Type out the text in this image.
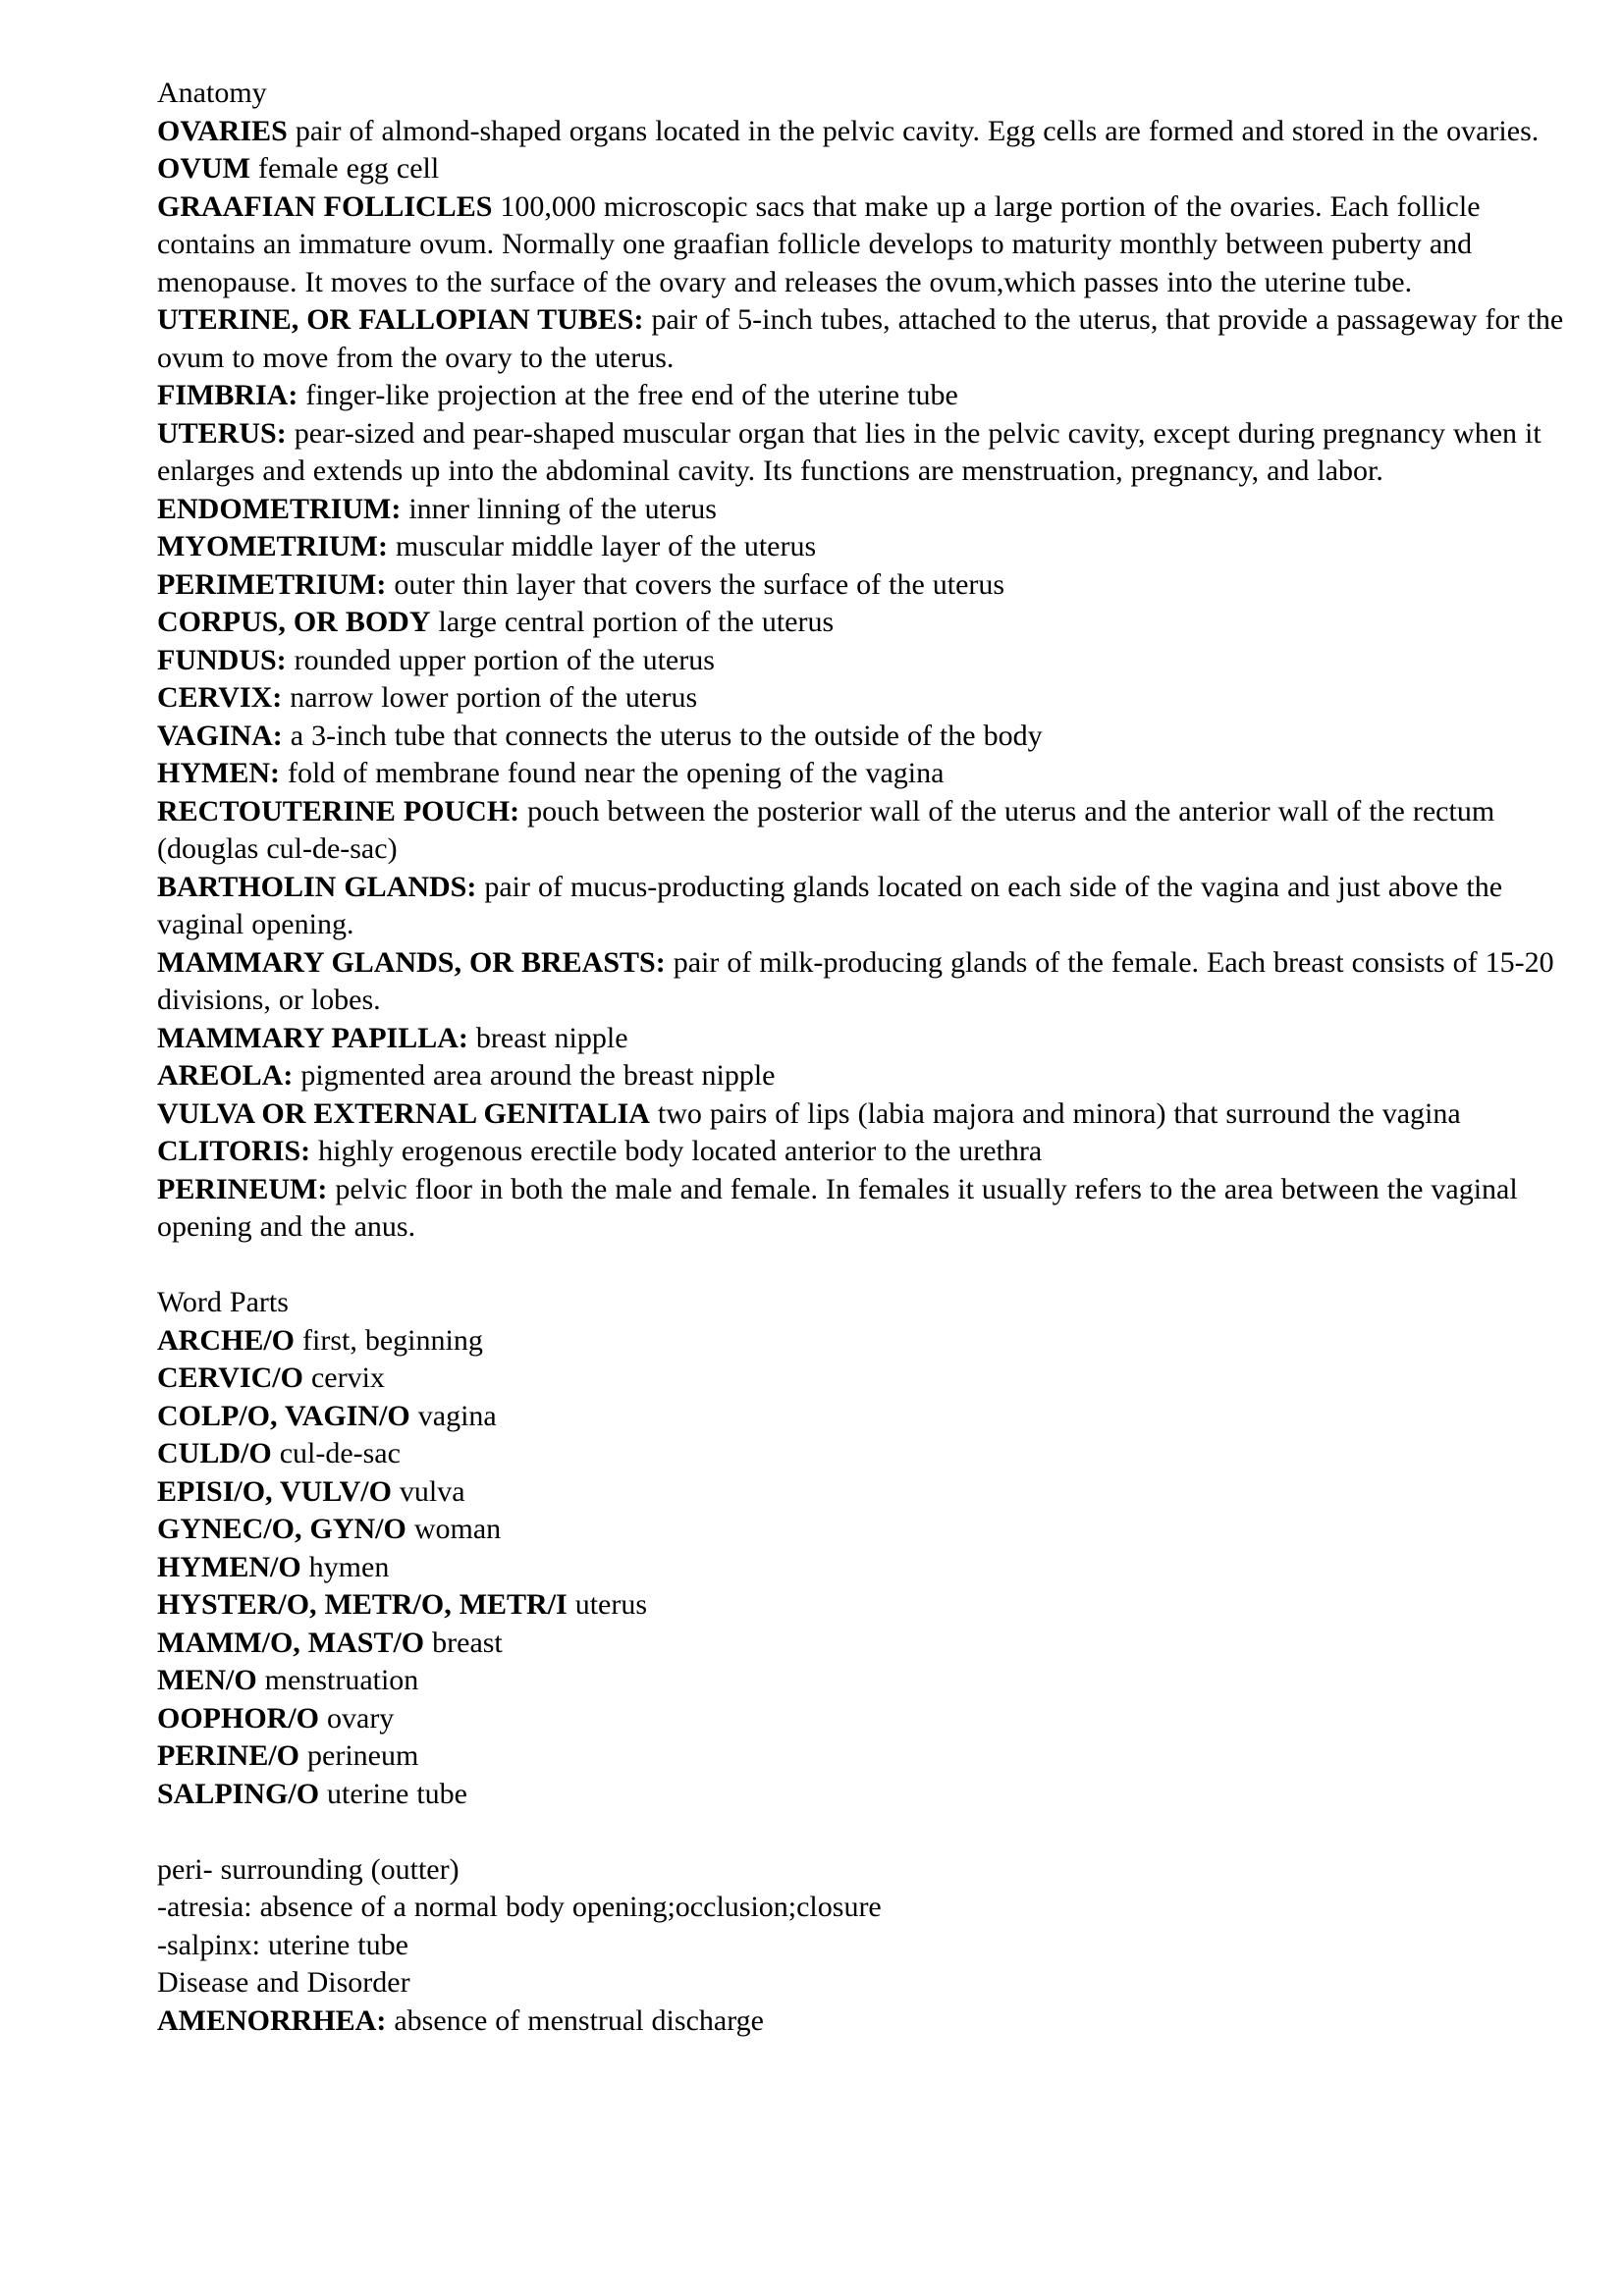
Anatomy

OVARIES pair of almond-shaped organs located in the pelvic cavity. Egg cells are formed and stored in the ovaries.

OVUM female egg cell

GRAAFIAN FOLLICLES 100,000 microscopic sacs that make up a large portion of the ovaries. Each follicle contains an immature ovum. Normally one graafian follicle develops to maturity monthly between puberty and menopause. It moves to the surface of the ovary and releases the ovum,which passes into the uterine tube.

UTERINE, OR FALLOPIAN TUBES: pair of 5-inch tubes, attached to the uterus, that provide a passageway for the ovum to move from the ovary to the uterus.

FIMBRIA: finger-like projection at the free end of the uterine tube

UTERUS: pear-sized and pear-shaped muscular organ that lies in the pelvic cavity, except during pregnancy when it enlarges and extends up into the abdominal cavity. Its functions are menstruation, pregnancy, and labor.

ENDOMETRIUM: inner linning of the uterus

MYOMETRIUM: muscular middle layer of the uterus

PERIMETRIUM: outer thin layer that covers the surface of the uterus

CORPUS, OR BODY large central portion of the uterus

FUNDUS: rounded upper portion of the uterus

CERVIX: narrow lower portion of the uterus

VAGINA: a 3-inch tube that connects the uterus to the outside of the body

HYMEN: fold of membrane found near the opening of the vagina

RECTOUTERINE POUCH: pouch between the posterior wall of the uterus and the anterior wall of the rectum (douglas cul-de-sac)

BARTHOLIN GLANDS: pair of mucus-producting glands located on each side of the vagina and just above the vaginal opening.

MAMMARY GLANDS, OR BREASTS: pair of milk-producing glands of the female. Each breast consists of 15-20 divisions, or lobes.

MAMMARY PAPILLA: breast nipple

AREOLA: pigmented area around the breast nipple

VULVA OR EXTERNAL GENITALIA two pairs of lips (labia majora and minora) that surround the vagina

CLITORIS: highly erogenous erectile body located anterior to the urethra

PERINEUM: pelvic floor in both the male and female. In females it usually refers to the area between the vaginal opening and the anus.

Word Parts

ARCHE/O first, beginning

CERVIC/O cervix

COLP/O, VAGIN/O vagina

CULD/O cul-de-sac

EPISI/O, VULV/O vulva

GYNEC/O, GYN/O woman

HYMEN/O hymen

HYSTER/O, METR/O, METR/I uterus

MAMM/O, MAST/O breast

MEN/O menstruation

OOPHOR/O ovary

PERINE/O perineum

SALPING/O uterine tube

peri- surrounding (outter)

-atresia: absence of a normal body opening;occlusion;closure

-salpinx: uterine tube

Disease and Disorder

AMENORRHEA: absence of menstrual discharge
